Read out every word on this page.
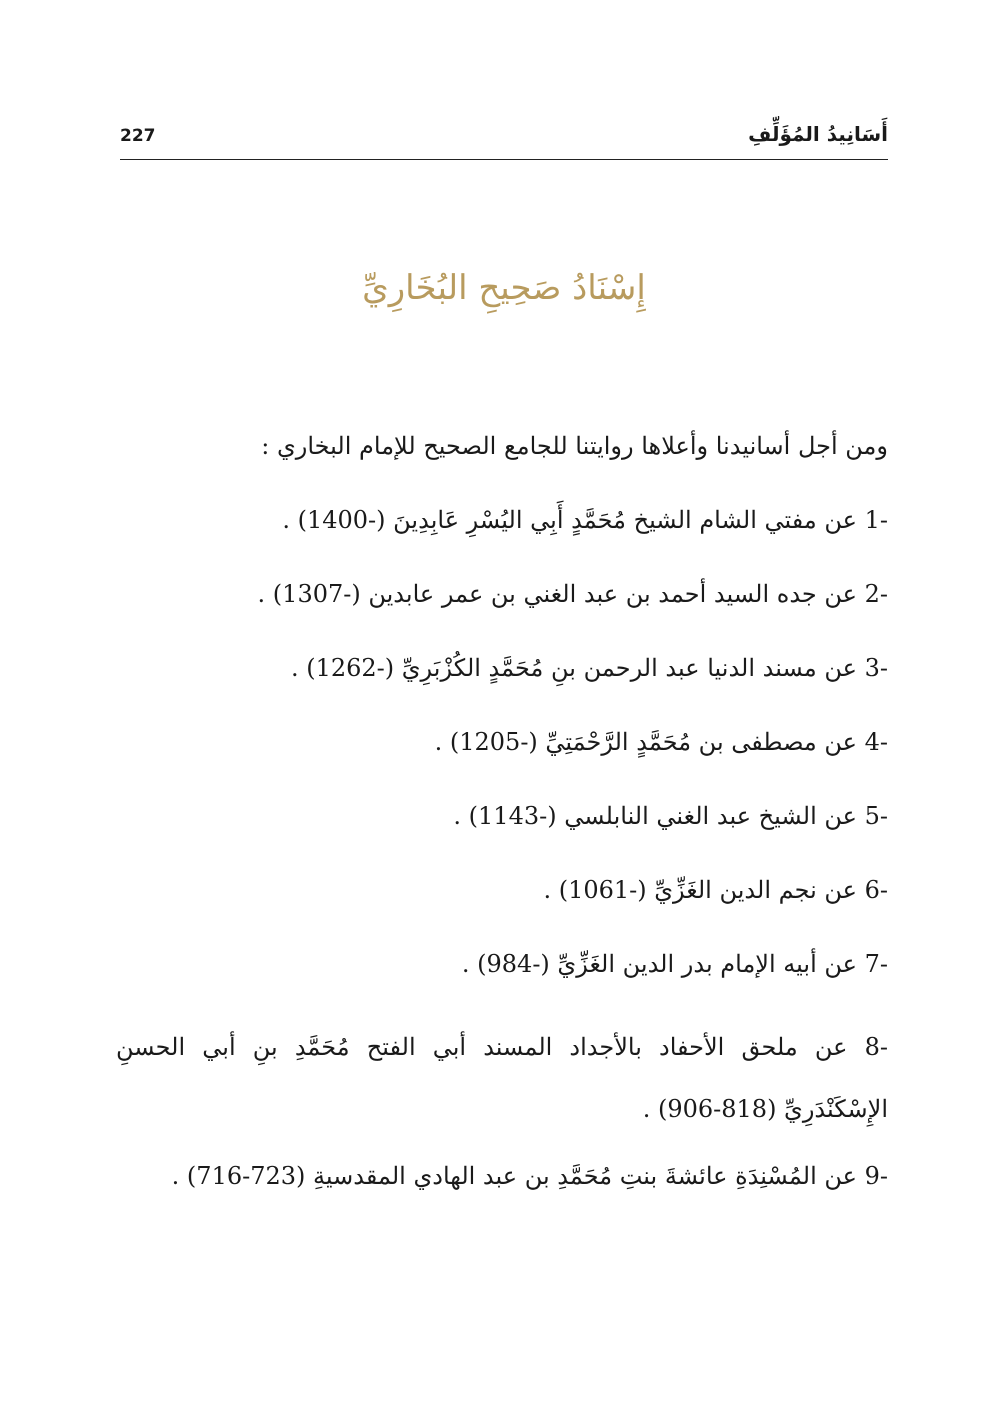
أَسَانِيدُ المُؤَلِّفِ
227
إِسْنَادُ صَحِيحِ البُخَارِيِّ

ومن أجل أسانيدنا وأعلاها روايتنا للجامع الصحيح للإمام البخاري :

-1 عن مفتي الشام الشيخ مُحَمَّدٍ أَبِي اليُسْرِ عَابِدِينَ (-1400) .
-2 عن جده السيد أحمد بن عبد الغني بن عمر عابدين (-1307) .
-3 عن مسند الدنيا عبد الرحمن بنِ مُحَمَّدٍ الكُزْبَرِيِّ (-1262) .
-4 عن مصطفى بن مُحَمَّدٍ الرَّحْمَتِيِّ (-1205) .
-5 عن الشيخ عبد الغني النابلسي (-1143) .
-6 عن نجم الدين الغَزِّيِّ (-1061) .
-7 عن أبيه الإمام بدر الدين الغَزِّيِّ (-984) .
-8 عن ملحق الأحفاد بالأجداد المسند أبي الفتح مُحَمَّدِ بنِ أبي الحسنِ الإِسْكَنْدَرِيِّ (818-906) .
-9 عن المُسْنِدَةِ عائشةَ بنتِ مُحَمَّدِ بن عبد الهادي المقدسيةِ (723-716) .
